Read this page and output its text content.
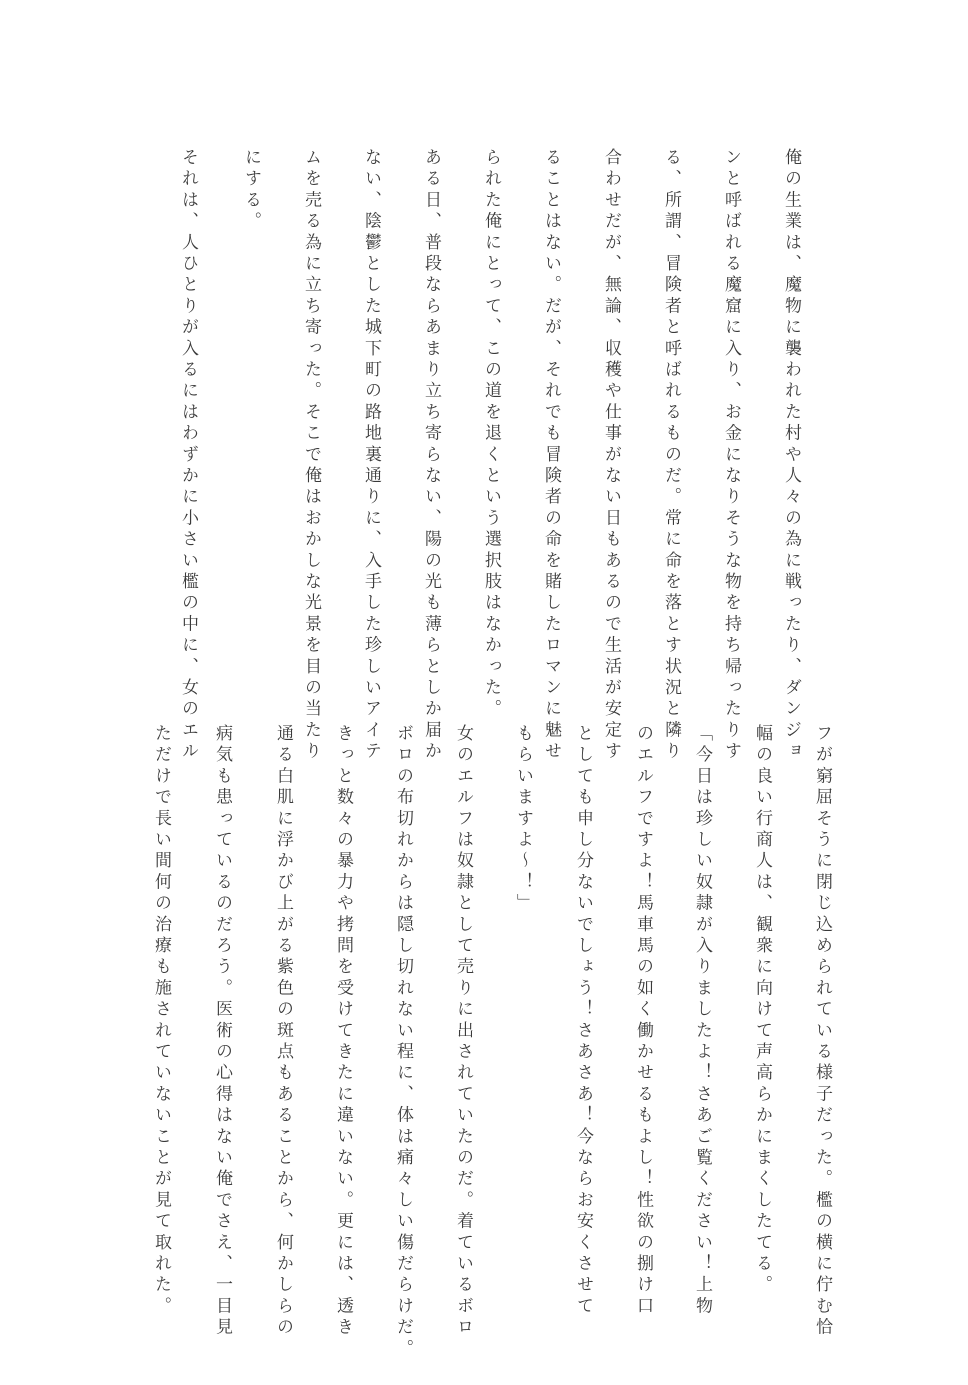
俺の生業は、魔物に襲われた村や人々の為に戦ったり、ダンジョ
ンと呼ばれる魔窟に入り、お金になりそうな物を持ち帰ったりす
る、所謂、冒険者と呼ばれるものだ。常に命を落とす状況と隣り
合わせだが、無論、収穫や仕事がない日もあるので生活が安定す
ることはない。だが、それでも冒険者の命を賭したロマンに魅せ
られた俺にとって、この道を退くという選択肢はなかった。
ある日、普段ならあまり立ち寄らない、陽の光も薄らとしか届か
ない、陰鬱とした城下町の路地裏通りに、入手した珍しいアイテ
ムを売る為に立ち寄った。そこで俺はおかしな光景を目の当たり
にする。
それは、人ひとりが入るにはわずかに小さい檻の中に、女のエル
フが窮屈そうに閉じ込められている様子だった。檻の横に佇む恰
幅の良い行商人は、観衆に向けて声高らかにまくしたてる。
「今日は珍しい奴隷が入りましたよ！さあご覧ください！上物
のエルフですよ！馬車馬の如く働かせるもよし！性欲の捌け口
としても申し分ないでしょう！さあさあ！今ならお安くさせて
もらいますよ〜！」
女のエルフは奴隷として売りに出されていたのだ。着ているボロ
ボロの布切れからは隠し切れない程に、体は痛々しい傷だらけだ。
きっと数々の暴力や拷問を受けてきたに違いない。更には、透き
通る白肌に浮かび上がる紫色の斑点もあることから、何かしらの
病気も患っているのだろう。医術の心得はない俺でさえ、一目見
ただけで長い間何の治療も施されていないことが見て取れた。
